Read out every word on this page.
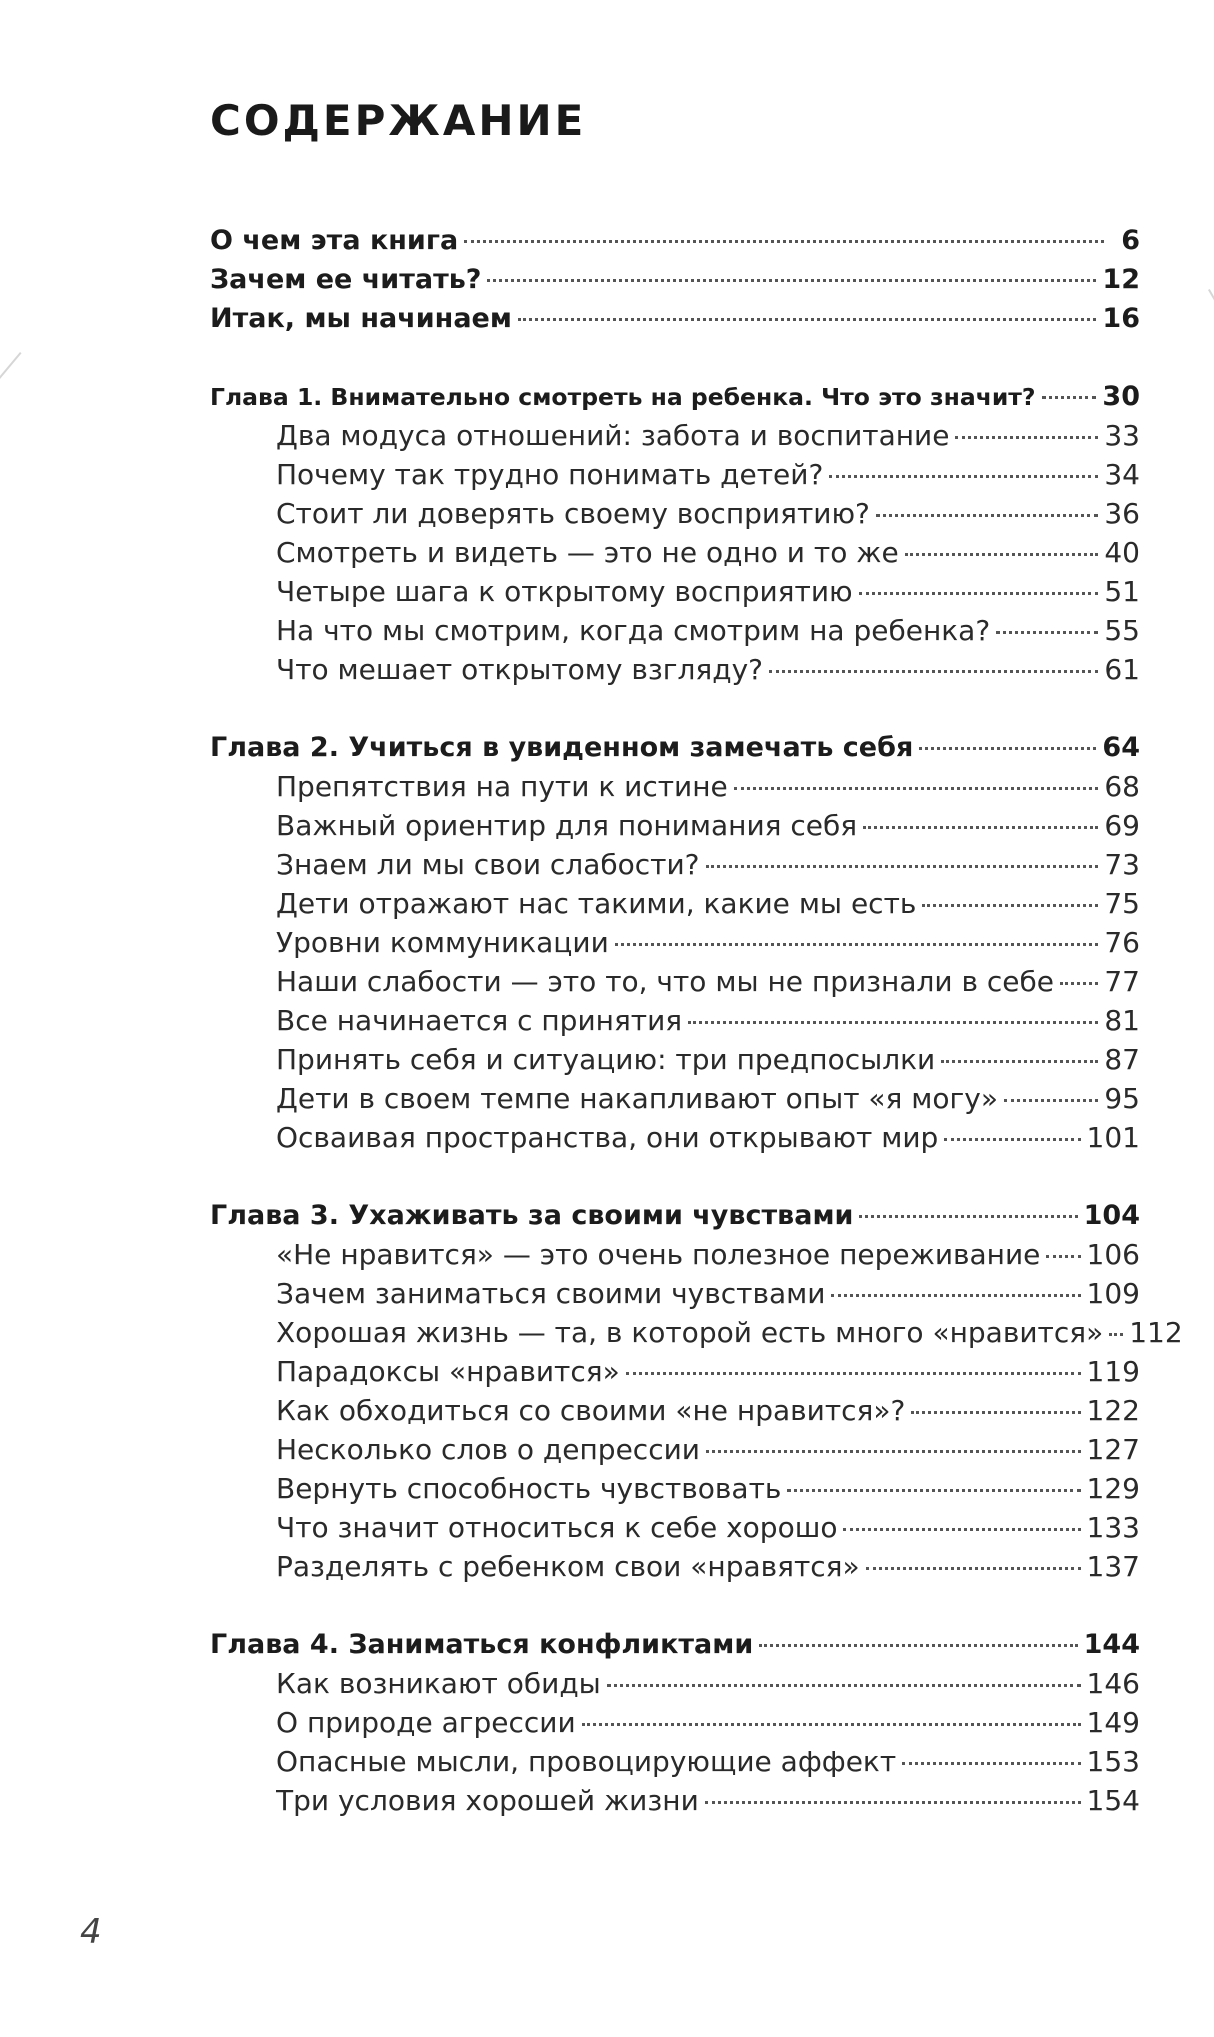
СОДЕРЖАНИЕ
О чем эта книга	6
Зачем ее читать?	12
Итак, мы начинаем	16
Глава 1. Внимательно смотреть на ребенка. Что это значит? 30
Два модуса отношений: забота и воспитание	33
Почему так трудно понимать детей?	34
Стоит ли доверять своему восприятию?	36
Смотреть и видеть — это не одно и то же	40
Четыре шага к открытому восприятию	51
На что мы смотрим, когда смотрим на ребенка?	55
Что мешает открытому взгляду?	61
Глава 2. Учиться в увиденном замечать себя	64
Препятствия на пути к истине	68
Важный ориентир для понимания себя	69
Знаем ли мы свои слабости?	73
Дети отражают нас такими, какие мы есть	75
Уровни коммуникации	76
Наши слабости — это то, что мы не признали в себе 77
Все начинается с принятия	81
Принять себя и ситуацию: три предпосылки	87
Дети в своем темпе накапливают опыт «я могу»	95
Осваивая пространства, они открывают мир	101
Глава 3. Ухаживать за своими чувствами	104
«Не нравится» — это очень полезное переживание 106
Зачем заниматься своими чувствами	109
Хорошая жизнь — та, в которой есть много «нравится» 112
Парадоксы «нравится»	119
Как обходиться со своими «не нравится»?	122
Несколько слов о депрессии	127
Вернуть способность чувствовать	129
Что значит относиться к себе хорошо	133
Разделять с ребенком свои «нравятся»	137
Глава 4. Заниматься конфликтами	144
Как возникают обиды	146
О природе агрессии	149
Опасные мысли, провоцирующие аффект	153
Три условия хорошей жизни	154
4
